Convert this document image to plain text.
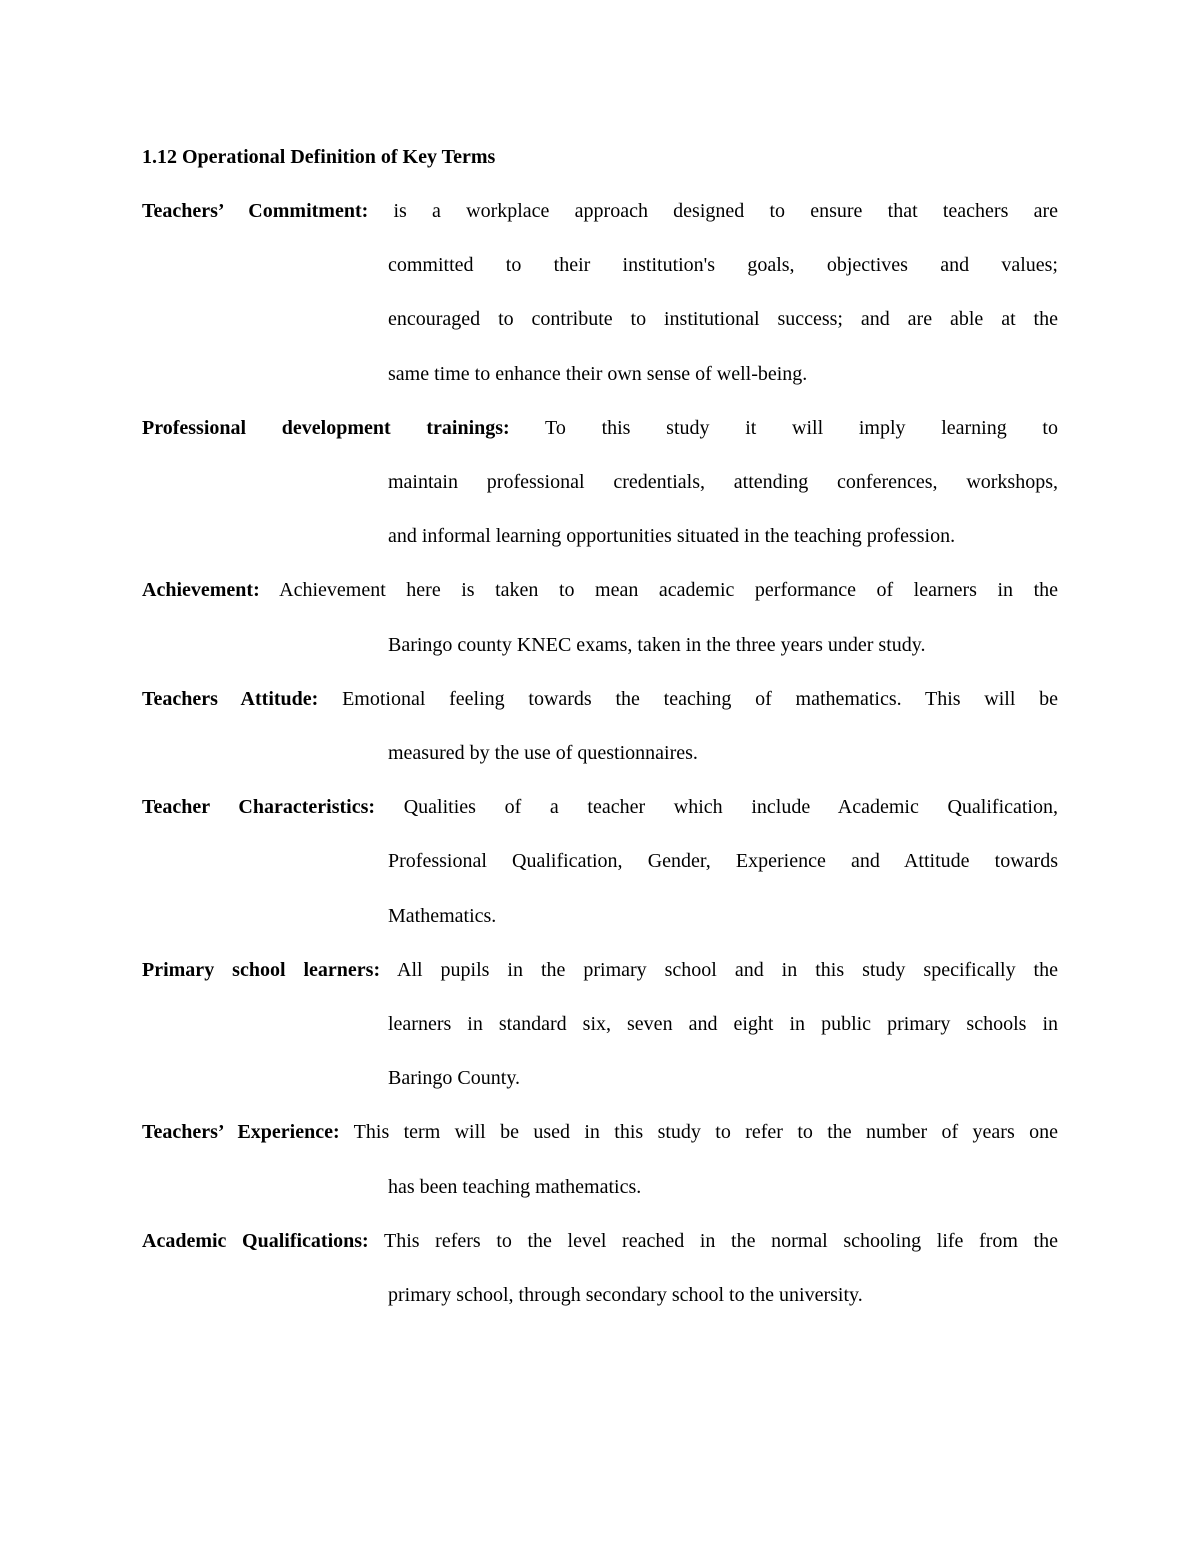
1.12 Operational Definition of Key Terms
Teachers’ Commitment: is a workplace approach designed to ensure that teachers are
committed to their institution's goals, objectives and values;
encouraged to contribute to institutional success; and are able at the
same time to enhance their own sense of well-being.
Professional development trainings: To this study it will imply learning to
maintain professional credentials, attending conferences, workshops,
and informal learning opportunities situated in the teaching profession.
Achievement: Achievement here is taken to mean academic performance of learners in the
Baringo county KNEC exams, taken in the three years under study.
Teachers Attitude: Emotional feeling towards the teaching of mathematics. This will be
measured by the use of questionnaires.
Teacher Characteristics: Qualities of a teacher which include Academic Qualification,
Professional Qualification, Gender, Experience and Attitude towards
Mathematics.
Primary school learners: All pupils in the primary school and in this study specifically the
learners in standard six, seven and eight in public primary schools in
Baringo County.
Teachers’ Experience: This term will be used in this study to refer to the number of years one
has been teaching mathematics.
Academic Qualifications: This refers to the level reached in the normal schooling life from the
primary school, through secondary school to the university.
